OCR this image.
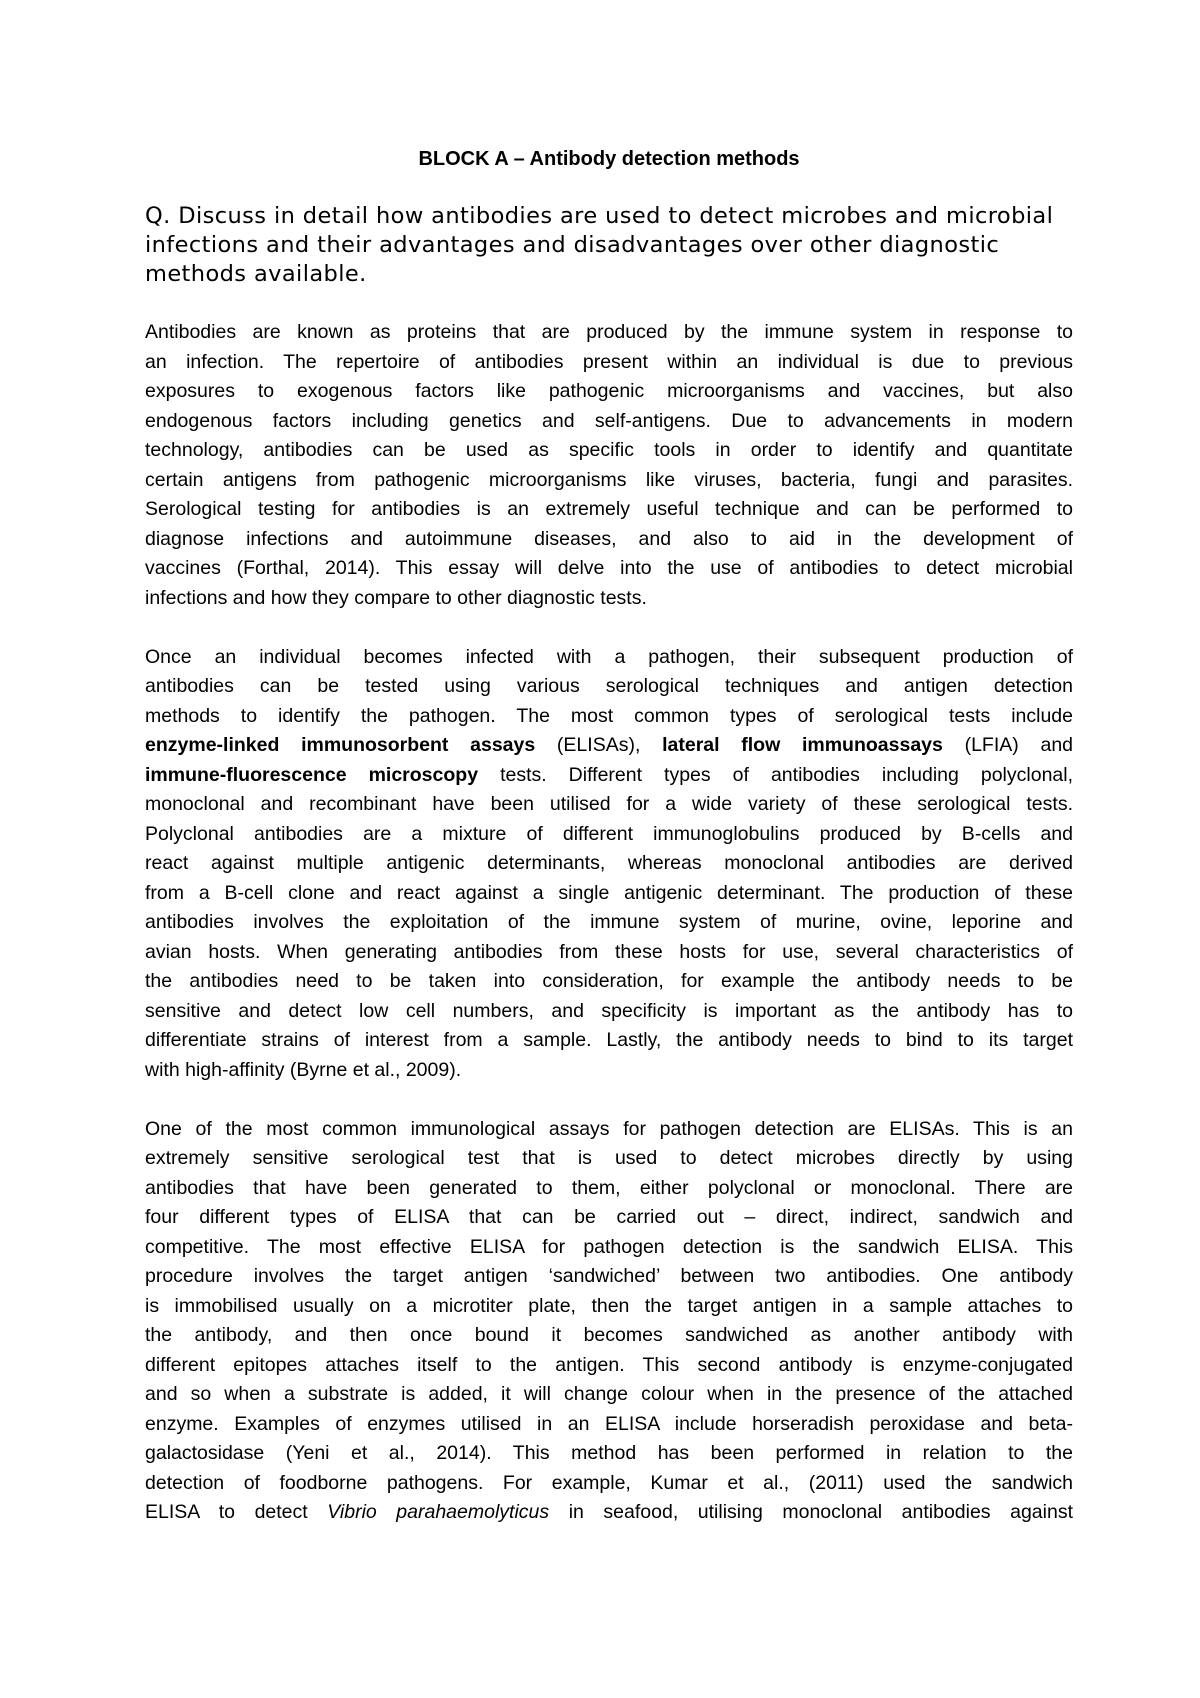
BLOCK A – Antibody detection methods

Q. Discuss in detail how antibodies are used to detect microbes and microbial infections and their advantages and disadvantages over other diagnostic methods available.

Antibodies are known as proteins that are produced by the immune system in response to
an infection. The repertoire of antibodies present within an individual is due to previous
exposures to exogenous factors like pathogenic microorganisms and vaccines, but also
endogenous factors including genetics and self-antigens. Due to advancements in modern
technology, antibodies can be used as specific tools in order to identify and quantitate
certain antigens from pathogenic microorganisms like viruses, bacteria, fungi and parasites.
Serological testing for antibodies is an extremely useful technique and can be performed to
diagnose infections and autoimmune diseases, and also to aid in the development of
vaccines (Forthal, 2014). This essay will delve into the use of antibodies to detect microbial
infections and how they compare to other diagnostic tests.

Once an individual becomes infected with a pathogen, their subsequent production of
antibodies can be tested using various serological techniques and antigen detection
methods to identify the pathogen. The most common types of serological tests include
enzyme-linked immunosorbent assays (ELISAs), lateral flow immunoassays (LFIA) and
immune-fluorescence microscopy tests. Different types of antibodies including polyclonal,
monoclonal and recombinant have been utilised for a wide variety of these serological tests.
Polyclonal antibodies are a mixture of different immunoglobulins produced by B-cells and
react against multiple antigenic determinants, whereas monoclonal antibodies are derived
from a B-cell clone and react against a single antigenic determinant. The production of these
antibodies involves the exploitation of the immune system of murine, ovine, leporine and
avian hosts. When generating antibodies from these hosts for use, several characteristics of
the antibodies need to be taken into consideration, for example the antibody needs to be
sensitive and detect low cell numbers, and specificity is important as the antibody has to
differentiate strains of interest from a sample. Lastly, the antibody needs to bind to its target
with high-affinity (Byrne et al., 2009).

One of the most common immunological assays for pathogen detection are ELISAs. This is an
extremely sensitive serological test that is used to detect microbes directly by using
antibodies that have been generated to them, either polyclonal or monoclonal. There are
four different types of ELISA that can be carried out – direct, indirect, sandwich and
competitive. The most effective ELISA for pathogen detection is the sandwich ELISA. This
procedure involves the target antigen ‘sandwiched’ between two antibodies. One antibody
is immobilised usually on a microtiter plate, then the target antigen in a sample attaches to
the antibody, and then once bound it becomes sandwiched as another antibody with
different epitopes attaches itself to the antigen. This second antibody is enzyme-conjugated
and so when a substrate is added, it will change colour when in the presence of the attached
enzyme. Examples of enzymes utilised in an ELISA include horseradish peroxidase and beta-
galactosidase (Yeni et al., 2014). This method has been performed in relation to the
detection of foodborne pathogens. For example, Kumar et al., (2011) used the sandwich
ELISA to detect Vibrio parahaemolyticus in seafood, utilising monoclonal antibodies against
